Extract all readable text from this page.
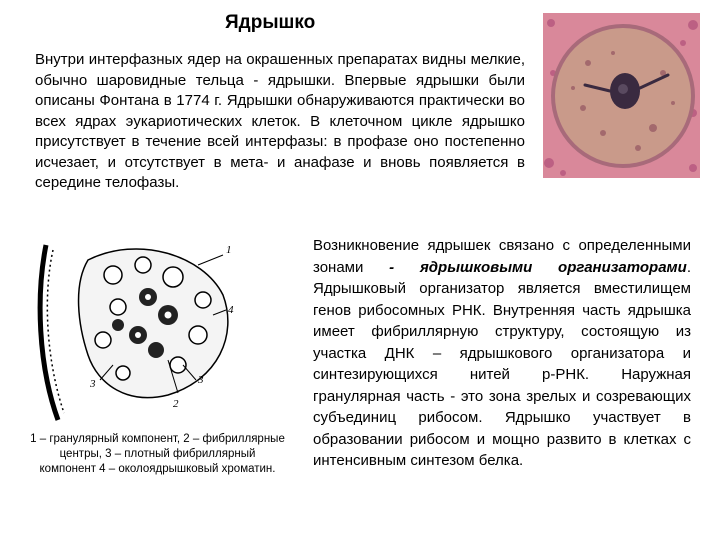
Ядрышко
Внутри интерфазных ядер на окрашенных препаратах видны мелкие, обычно шаровидные тельца - ядрышки. Впервые ядрышки были описаны Фонтана в 1774 г. Ядрышки обнаруживаются практически во всех ядрах эукариотических клеток. В клеточном цикле ядрышко присутствует в течение всей интерфазы: в профазе оно постепенно исчезает, и отсутствует в мета- и анафазе и вновь появляется в середине телофазы.
1
2
3	3
4
1 – гранулярный компонент, 2 – фибриллярные центры, 3 – плотный фибриллярный компонент 4 – околоядрышковый хроматин.
Возникновение ядрышек связано с определенными зонами - ядрышковыми организаторами. Ядрышковый организатор является вместилищем генов рибосомных РНК. Внутренняя часть ядрышка имеет фибриллярную структуру, состоящую из участка ДНК – ядрышкового организатора и синтезирующихся нитей р-РНК. Наружная гранулярная часть - это зона зрелых и созревающих субъединиц рибосом. Ядрышко участвует в образовании рибосом и мощно развито в клетках с интенсивным синтезом белка.
